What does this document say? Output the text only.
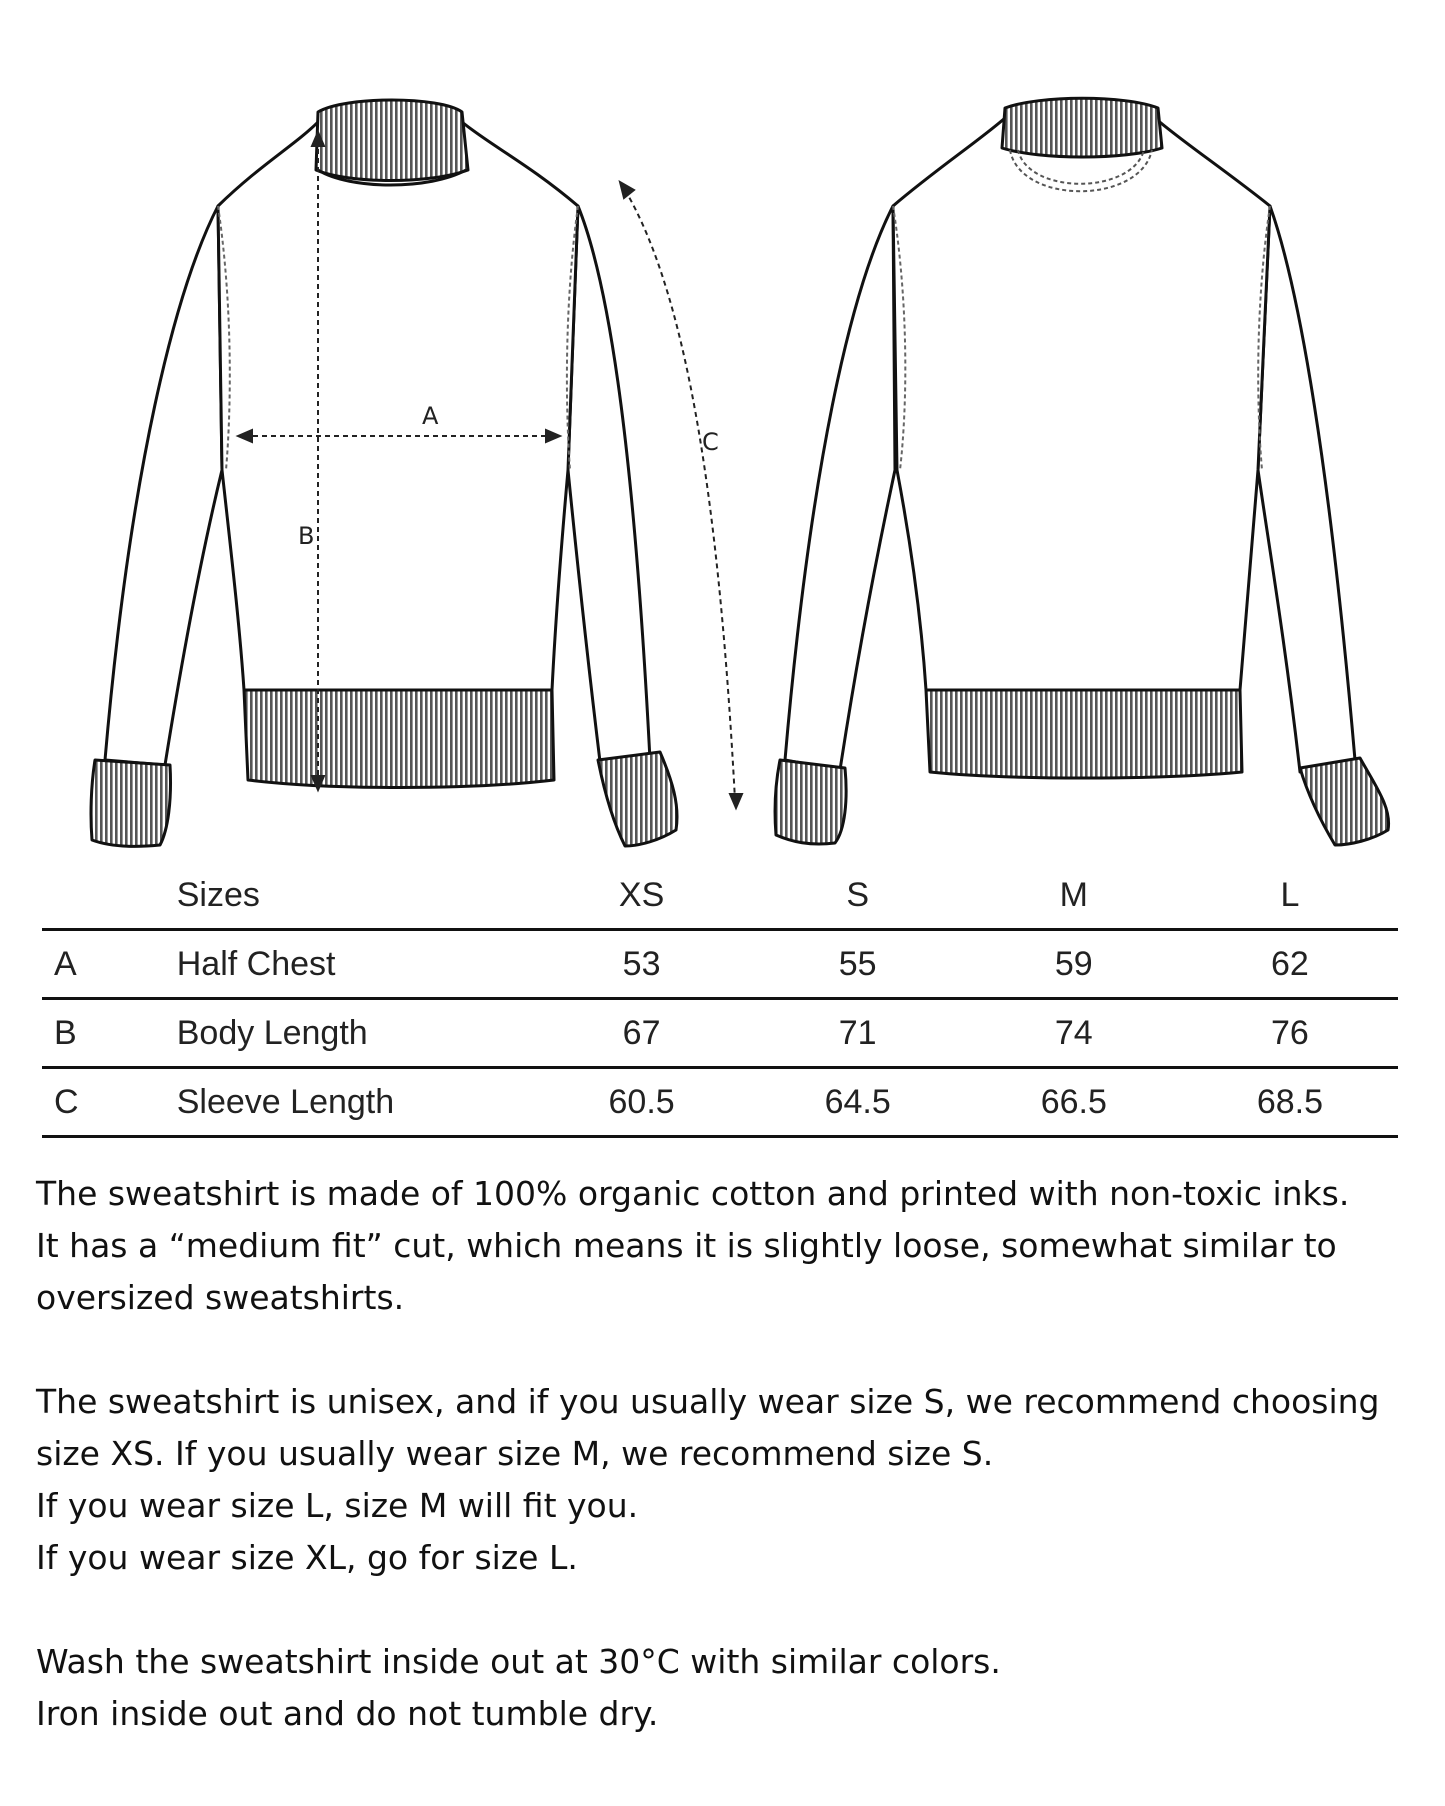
A
B
C
	Sizes	XS	S	M	L
A	Half Chest	53	55	59	62
B	Body Length	67	71	74	76
C	Sleeve Length	60.5	64.5	66.5	68.5

The sweatshirt is made of 100% organic cotton and printed with non-toxic inks.

It has a “medium fit” cut, which means it is slightly loose, somewhat similar to

oversized sweatshirts.

The sweatshirt is unisex, and if you usually wear size S, we recommend choosing

size XS. If you usually wear size M, we recommend size S.

If you wear size L, size M will fit you.

If you wear size XL, go for size L.

Wash the sweatshirt inside out at 30°C with similar colors.

Iron inside out and do not tumble dry.
